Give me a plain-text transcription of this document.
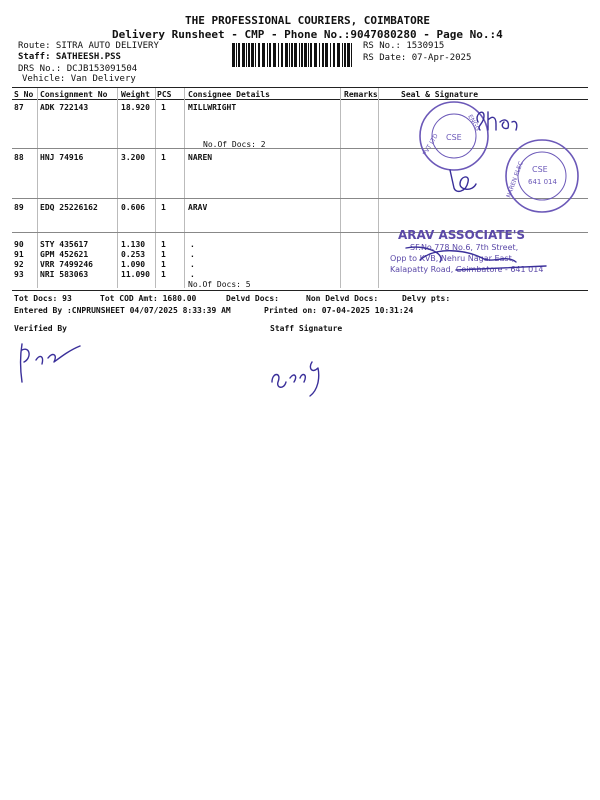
THE PROFESSIONAL COURIERS, COIMBATORE
Delivery Runsheet - CMP - Phone No.:9047080280 - Page No.:4
Route: SITRA AUTO DELIVERY
Staff: SATHEESH.PSS
DRS No.: DCJB153091504
Vehicle: Van Delivery
RS No.: 1530915
RS Date: 07-Apr-2025
S No Consignment No Weight PCS Consignee Details	Remarks	Seal & Signature
87 ADK 722143	18.920 1	MILLWRIGHT
No.Of Docs: 2
88 HNJ 74916	3.200 1	NAREN
89 EDQ 25226162	0.606 1	ARAV
90 STY 435617	1.130 1	.
91 GPM 452621	0.253 1	.
92 VRR 7499246	1.090 1	.
93 NRI 583063	11.090 1	.
No.Of Docs: 5
Tot Docs: 93	Tot COD Amt: 1680.00	Delvd Docs:	Non Delvd Docs:	Delvy pts:
Entered By :CNPRUNSHEET 04/07/2025 8:33:39 AM	Printed on: 07-04-2025 10:31:24
Verified By	Staff Signature
CSE
PVT LTD
ENGG
CSE
641 014
NAREN ELEC
ARAV ASSOCIATE'S
SF.No.778 No.6, 7th Street,
Opp to KVB, Nehru Nagar East,
Kalapatty Road, Coimbatore - 641 014
